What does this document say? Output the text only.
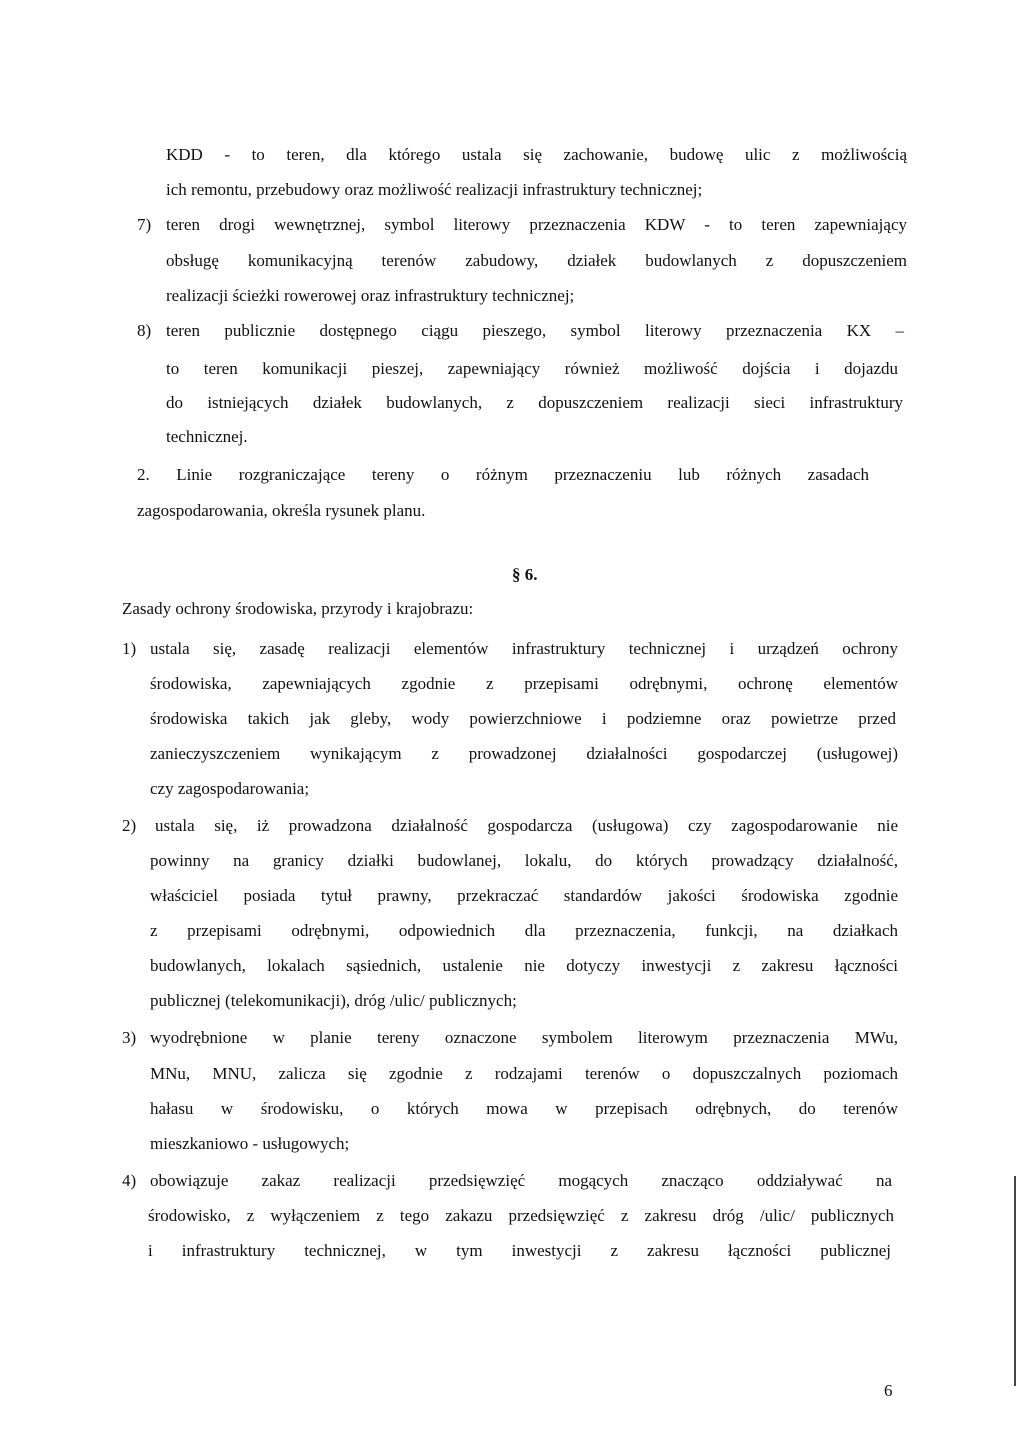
KDD - to teren, dla którego ustala się zachowanie, budowę ulic z możliwością
ich remontu, przebudowy oraz możliwość realizacji infrastruktury technicznej;
7) teren drogi wewnętrznej, symbol literowy przeznaczenia KDW - to teren zapewniający
obsługę komunikacyjną terenów zabudowy, działek budowlanych z dopuszczeniem
realizacji ścieżki rowerowej oraz infrastruktury technicznej;
8) teren publicznie dostępnego ciągu pieszego, symbol literowy przeznaczenia KX –
to teren komunikacji pieszej, zapewniający również możliwość dojścia i dojazdu
do istniejących działek budowlanych, z dopuszczeniem realizacji sieci infrastruktury
technicznej.
2. Linie rozgraniczające tereny o różnym przeznaczeniu lub różnych zasadach
zagospodarowania, określa rysunek planu.
§ 6.
Zasady ochrony środowiska, przyrody i krajobrazu:
1) ustala się, zasadę realizacji elementów infrastruktury technicznej i urządzeń ochrony
środowiska, zapewniających zgodnie z przepisami odrębnymi, ochronę elementów
środowiska takich jak gleby, wody powierzchniowe i podziemne oraz powietrze przed
zanieczyszczeniem wynikającym z prowadzonej działalności gospodarczej (usługowej)
czy zagospodarowania;
2) ustala się, iż prowadzona działalność gospodarcza (usługowa) czy zagospodarowanie nie
powinny na granicy działki budowlanej, lokalu, do których prowadzący działalność,
właściciel posiada tytuł prawny, przekraczać standardów jakości środowiska zgodnie
z przepisami odrębnymi, odpowiednich dla przeznaczenia, funkcji, na działkach
budowlanych, lokalach sąsiednich, ustalenie nie dotyczy inwestycji z zakresu łączności
publicznej (telekomunikacji), dróg /ulic/ publicznych;
3) wyodrębnione w planie tereny oznaczone symbolem literowym przeznaczenia MWu,
MNu, MNU, zalicza się zgodnie z rodzajami terenów o dopuszczalnych poziomach
hałasu w środowisku, o których mowa w przepisach odrębnych, do terenów
mieszkaniowo - usługowych;
4) obowiązuje zakaz realizacji przedsięwzięć mogących znacząco oddziaływać na
środowisko, z wyłączeniem z tego zakazu przedsięwzięć z zakresu dróg /ulic/ publicznych
i infrastruktury technicznej, w tym inwestycji z zakresu łączności publicznej
6
